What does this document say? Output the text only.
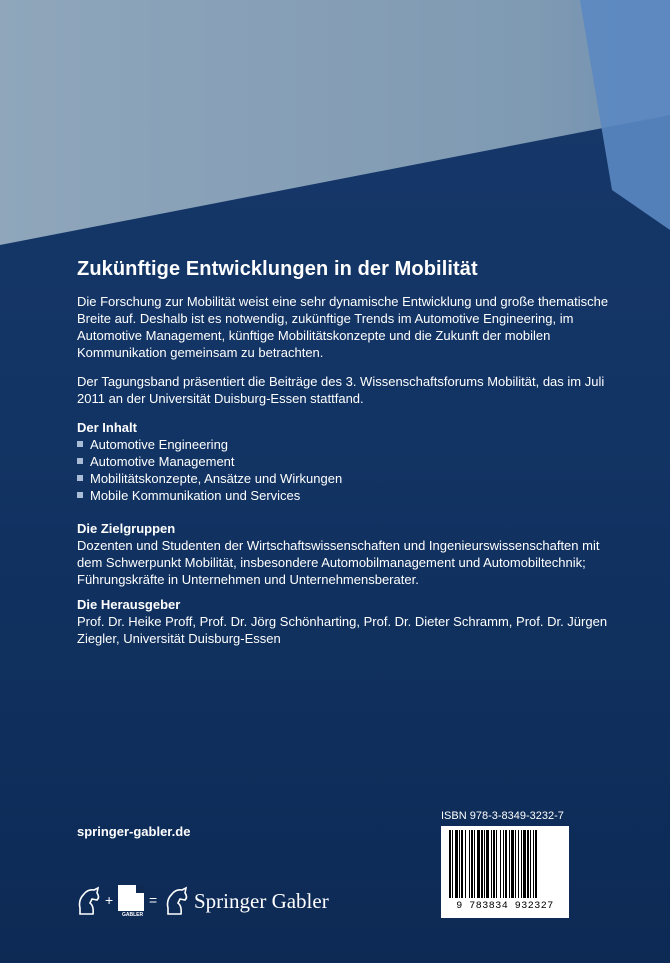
Zukünftige Entwicklungen in der Mobilität

Die Forschung zur Mobilität weist eine sehr dynamische Entwicklung und große thematische Breite auf. Deshalb ist es notwendig, zukünftige Trends im Automotive Engineering, im Automotive Management, künftige Mobilitätskonzepte und die Zukunft der mobilen Kommunikation gemeinsam zu betrachten.

Der Tagungsband präsentiert die Beiträge des 3. Wissenschaftsforums Mobilität, das im Juli 2011 an der Universität Duisburg-Essen stattfand.

Der Inhalt

Automotive Engineering
Automotive Management
Mobilitätskonzepte, Ansätze und Wirkungen
Mobile Kommunikation und Services

Die Zielgruppen

Dozenten und Studenten der Wirtschaftswissenschaften und Ingenieurswissenschaften mit dem Schwerpunkt Mobilität, insbesondere Automobilmanagement und Automobiltechnik; Führungskräfte in Unternehmen und Unternehmensberater.

Die Herausgeber

Prof. Dr. Heike Proff, Prof. Dr. Jörg Schönharting, Prof. Dr. Dieter Schramm, Prof. Dr. Jürgen Ziegler, Universität Duisburg-Essen

springer-gabler.de
ISBN 978-3-8349-3232-7
9 783834 932327
+
GABLER
= Springer Gabler
